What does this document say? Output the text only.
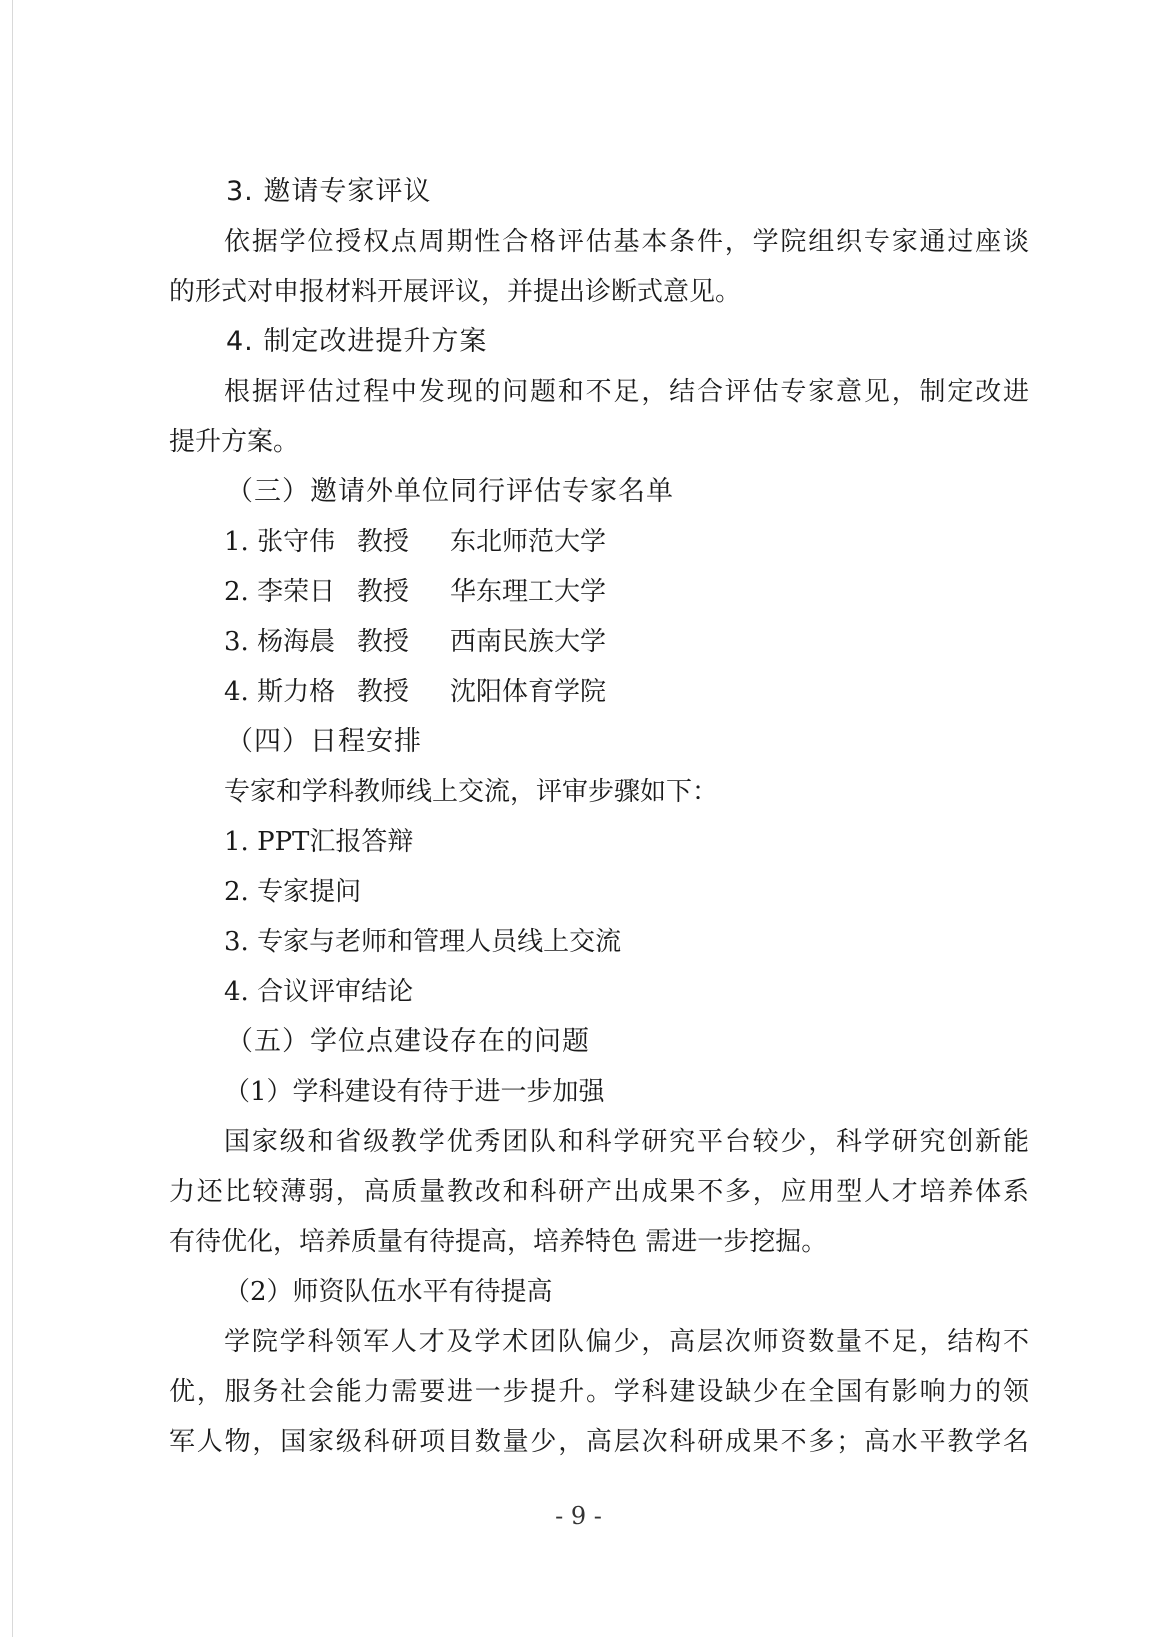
3. 邀请专家评议
依据学位授权点周期性合格评估基本条件，学院组织专家通过座谈
的形式对申报材料开展评议，并提出诊断式意见。
4. 制定改进提升方案
根据评估过程中发现的问题和不足，结合评估专家意见，制定改进
提升方案。
（三）邀请外单位同行评估专家名单
1. 张守伟 教授	东北师范大学
2. 李荣日 教授	华东理工大学
3. 杨海晨 教授	西南民族大学
4. 斯力格 教授	沈阳体育学院
（四）日程安排
专家和学科教师线上交流，评审步骤如下：
1. PPT汇报答辩
2. 专家提问
3. 专家与老师和管理人员线上交流
4. 合议评审结论
（五）学位点建设存在的问题
（1）学科建设有待于进一步加强
国家级和省级教学优秀团队和科学研究平台较少，科学研究创新能
力还比较薄弱，高质量教改和科研产出成果不多，应用型人才培养体系
有待优化，培养质量有待提高，培养特色 需进一步挖掘。
（2）师资队伍水平有待提高
学院学科领军人才及学术团队偏少，高层次师资数量不足，结构不
优，服务社会能力需要进一步提升。学科建设缺少在全国有影响力的领
军人物，国家级科研项目数量少，高层次科研成果不多；高水平教学名
- 9 -
